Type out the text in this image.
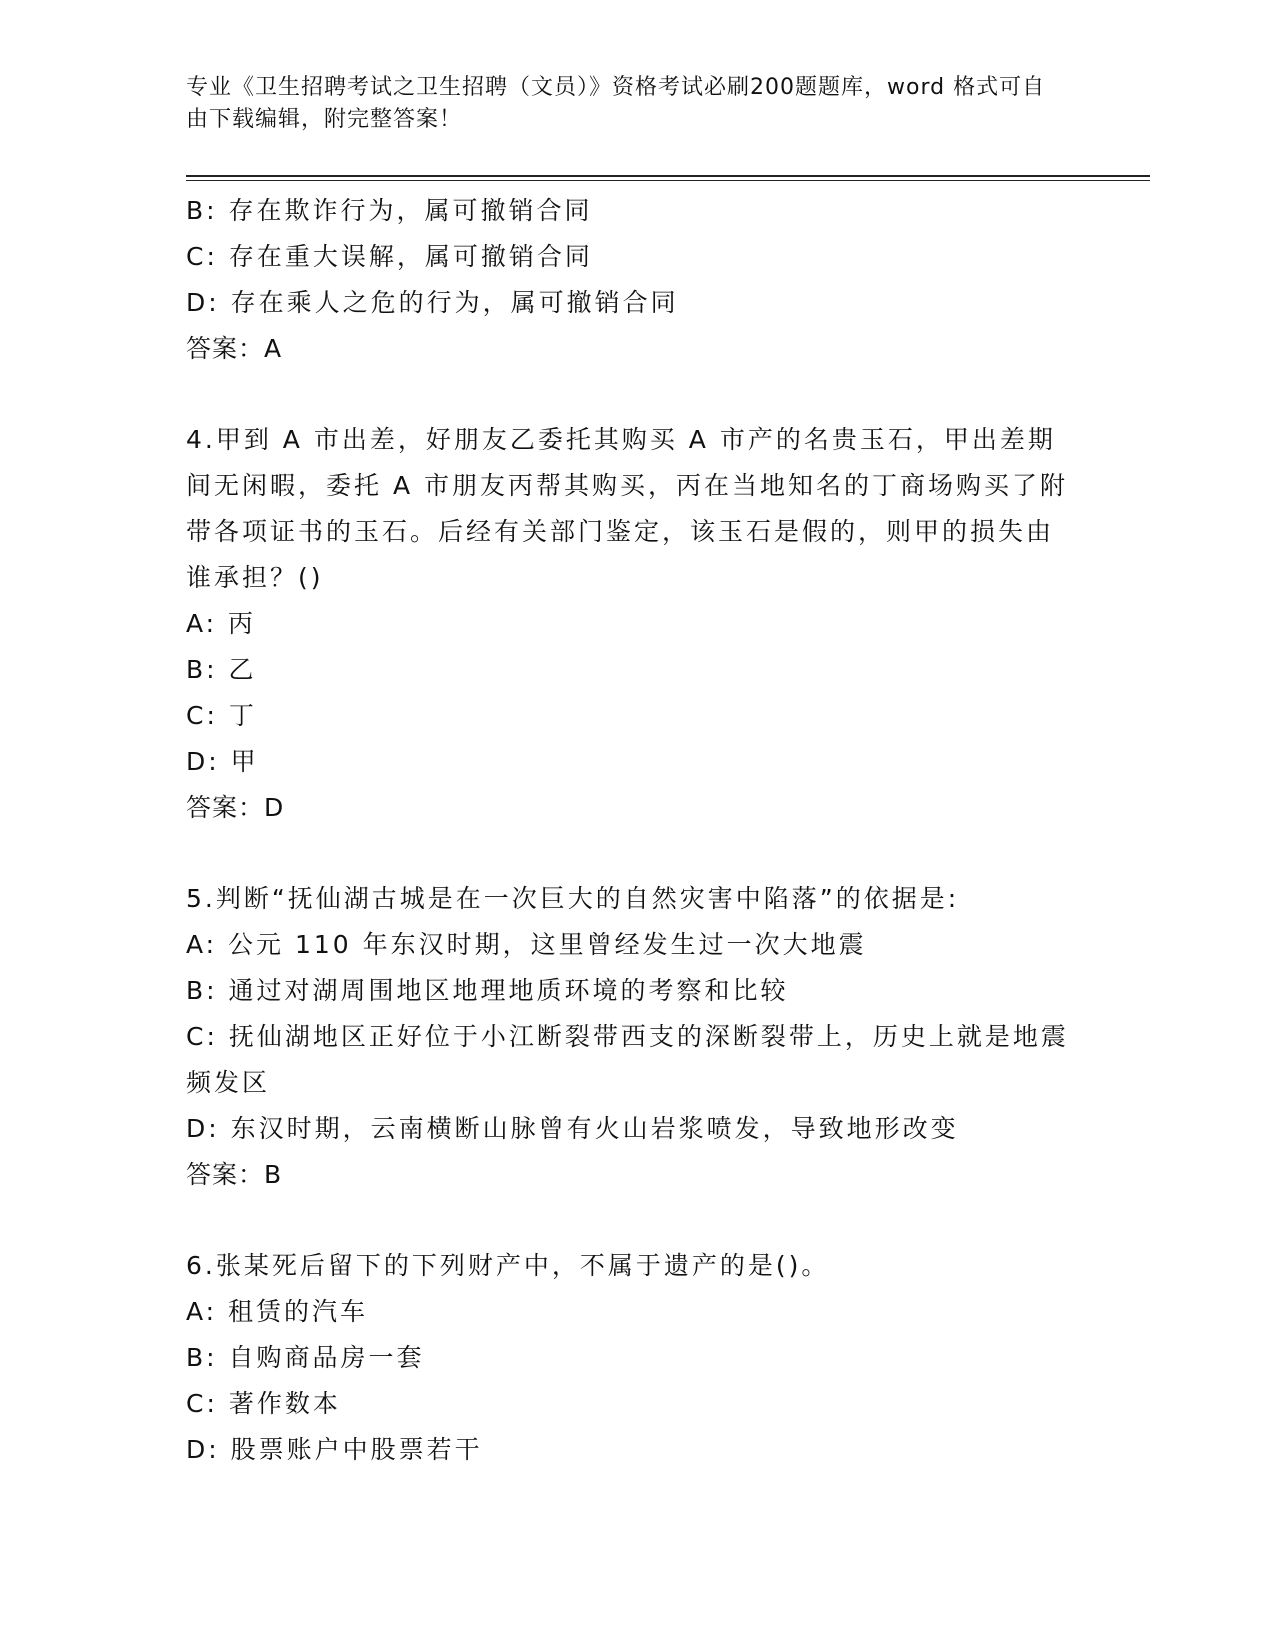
专业《卫生招聘考试之卫生招聘（文员）》资格考试必刷200题题库，word 格式可自由下载编辑，附完整答案！

B: 存在欺诈行为，属可撤销合同

C: 存在重大误解，属可撤销合同

D: 存在乘人之危的行为，属可撤销合同

答案：A

4.甲到 A 市出差，好朋友乙委托其购买 A 市产的名贵玉石，甲出差期间无闲暇，委托 A 市朋友丙帮其购买，丙在当地知名的丁商场购买了附带各项证书的玉石。后经有关部门鉴定，该玉石是假的，则甲的损失由谁承担？()

A: 丙

B: 乙

C: 丁

D: 甲

答案：D

5.判断“抚仙湖古城是在一次巨大的自然灾害中陷落”的依据是:

A: 公元 110 年东汉时期，这里曾经发生过一次大地震

B: 通过对湖周围地区地理地质环境的考察和比较

C: 抚仙湖地区正好位于小江断裂带西支的深断裂带上，历史上就是地震频发区

D: 东汉时期，云南横断山脉曾有火山岩浆喷发，导致地形改变

答案：B

6.张某死后留下的下列财产中，不属于遗产的是()。

A: 租赁的汽车

B: 自购商品房一套

C: 著作数本

D: 股票账户中股票若干
